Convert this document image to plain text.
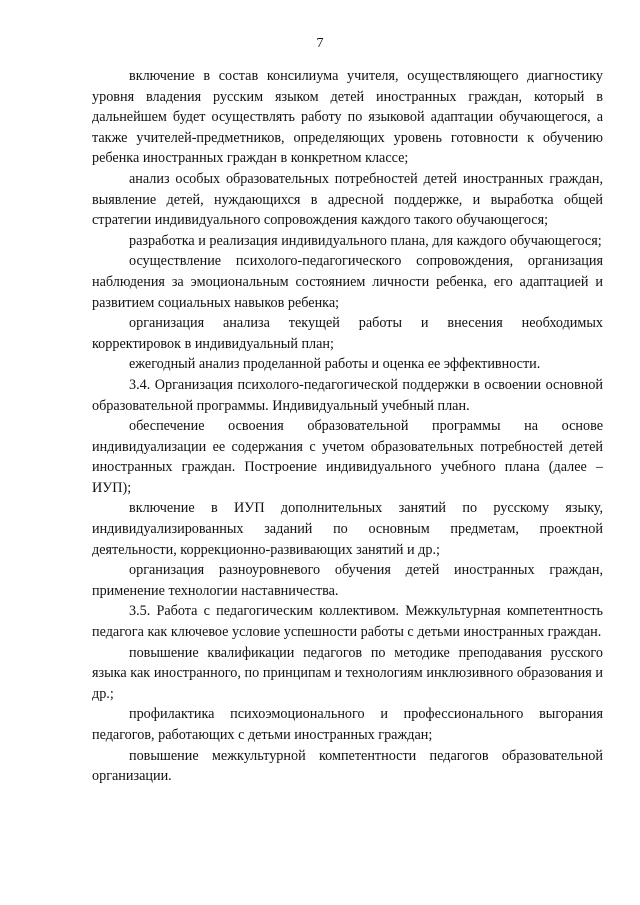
7

включение в состав консилиума учителя, осуществляющего диагностику уровня владения русским языком детей иностранных граждан, который в дальнейшем будет осуществлять работу по языковой адаптации обучающегося, а также учителей-предметников, определяющих уровень готовности к обучению ребенка иностранных граждан в конкретном классе;

анализ особых образовательных потребностей детей иностранных граждан, выявление детей, нуждающихся в адресной поддержке, и выработка общей стратегии индивидуального сопровождения каждого такого обучающегося;

разработка и реализация индивидуального плана, для каждого обучающегося;

осуществление психолого-педагогического сопровождения, организация наблюдения за эмоциональным состоянием личности ребенка, его адаптацией и развитием социальных навыков ребенка;

организация анализа текущей работы и внесения необходимых корректировок в индивидуальный план;

ежегодный анализ проделанной работы и оценка ее эффективности.

3.4. Организация психолого-педагогической поддержки в освоении основной образовательной программы. Индивидуальный учебный план.

обеспечение освоения образовательной программы на основе индивидуализации ее содержания с учетом образовательных потребностей детей иностранных граждан. Построение индивидуального учебного плана (далее – ИУП);

включение в ИУП дополнительных занятий по русскому языку, индивидуализированных заданий по основным предметам, проектной деятельности, коррекционно-развивающих занятий и др.;

организация разноуровневого обучения детей иностранных граждан, применение технологии наставничества.

3.5. Работа с педагогическим коллективом. Межкультурная компетентность педагога как ключевое условие успешности работы с детьми иностранных граждан.

повышение квалификации педагогов по методике преподавания русского языка как иностранного, по принципам и технологиям инклюзивного образования и др.;

профилактика психоэмоционального и профессионального выгорания педагогов, работающих с детьми иностранных граждан;

повышение межкультурной компетентности педагогов образовательной организации.
